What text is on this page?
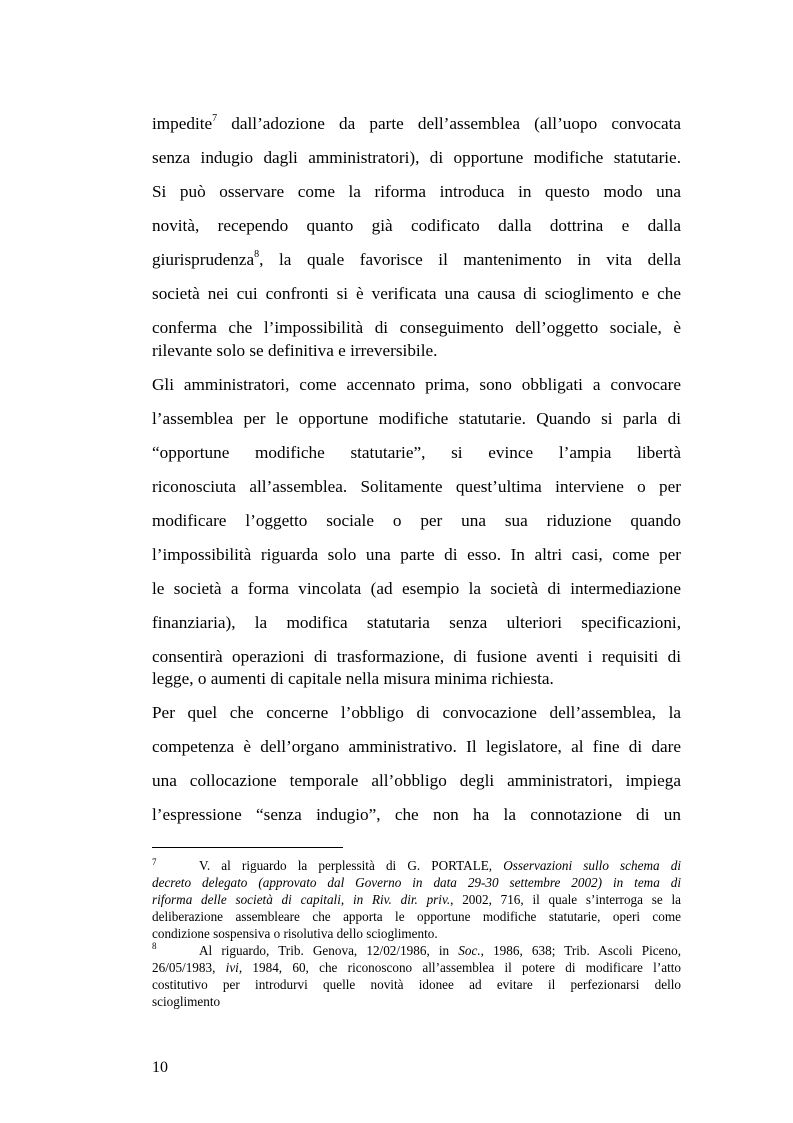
impedite$^7$ dall’adozione da parte dell’assemblea (all’uopo convocata
senza indugio dagli amministratori), di opportune modifiche statutarie.
Si può osservare come la riforma introduca in questo modo una
novità, recependo quanto già codificato dalla dottrina e dalla
giurisprudenza$^8$, la quale favorisce il mantenimento in vita della
società nei cui confronti si è verificata una causa di scioglimento e che
conferma che l’impossibilità di conseguimento dell’oggetto sociale, è
rilevante solo se definitiva e irreversibile.
Gli amministratori, come accennato prima, sono obbligati a convocare
l’assemblea per le opportune modifiche statutarie. Quando si parla di
“opportune modifiche statutarie”, si evince l’ampia libertà
riconosciuta all’assemblea. Solitamente quest’ultima interviene o per
modificare l’oggetto sociale o per una sua riduzione quando
l’impossibilità riguarda solo una parte di esso. In altri casi, come per
le società a forma vincolata (ad esempio la società di intermediazione
finanziaria), la modifica statutaria senza ulteriori specificazioni,
consentirà operazioni di trasformazione, di fusione aventi i requisiti di
legge, o aumenti di capitale nella misura minima richiesta.
Per quel che concerne l’obbligo di convocazione dell’assemblea, la
competenza è dell’organo amministrativo. Il legislatore, al fine di dare
una collocazione temporale all’obbligo degli amministratori, impiega
l’espressione “senza indugio”, che non ha la connotazione di un
7	V. al riguardo la perplessità di G. PORTALE, Osservazioni sullo schema di
decreto delegato (approvato dal Governo in data 29-30 settembre 2002) in tema di
riforma delle società di capitali, in Riv. dir. priv., 2002, 716, il quale s’interroga se la
deliberazione assembleare che apporta le opportune modifiche statutarie, operi come
condizione sospensiva o risolutiva dello scioglimento.
8	Al riguardo, Trib. Genova, 12/02/1986, in Soc., 1986, 638; Trib. Ascoli Piceno,
26/05/1983, ivi, 1984, 60, che riconoscono all’assemblea il potere di modificare l’atto
costitutivo per introdurvi quelle novità idonee ad evitare il perfezionarsi dello
scioglimento
10
